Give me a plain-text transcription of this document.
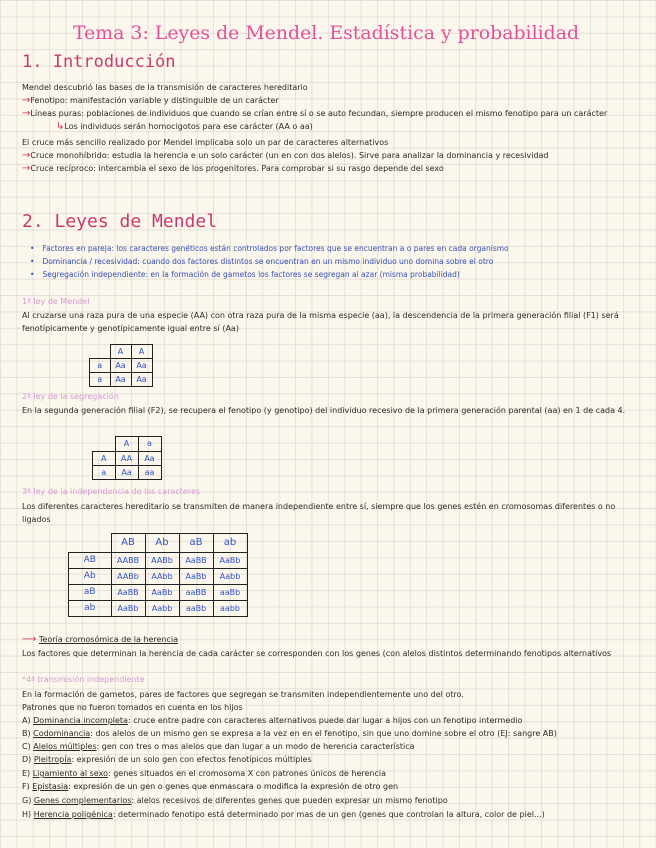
Tema 3: Leyes de Mendel. Estadística y probabilidad
1. Introducción
Mendel descubrió las bases de la transmisión de caracteres hereditario
→Fenotipo: manifestación variable y distinguible de un carácter
→Líneas puras: poblaciones de individuos que cuando se crían entre sí o se auto fecundan, siempre producen el mismo fenotipo para un carácter
↳Los individuos serán homocigotos para ese carácter (AA o aa)
El cruce más sencillo realizado por Mendel implicaba solo un par de caracteres alternativos
→Cruce monohíbrido: estudia la herencia e un solo carácter (un en con dos alelos). Sirve para analizar la dominancia y recesividad
→Cruce recíproco: intercambia el sexo de los progenitores. Para comprobar si su rasgo depende del sexo
2. Leyes de Mendel
• Factores en pareja: los caracteres genéticos están controlados por factores que se encuentran a o pares en cada organismo
• Dominancia / recesividad: cuando dos factores distintos se encuentran en un mismo individuo uno domina sobre el otro
• Segregación independiente: en la formación de gametos los factores se segregan al azar (misma probabilidad)
1ª ley de Mendel
Al cruzarse una raza pura de una especie (AA) con otra raza pura de la misma especie (aa), la descendencia de la primera generación filial (F1) será fenotípicamente y genotípicamente igual entre sí (Aa)
	A	A
a	Aa	Aa
a	Aa	Aa
2ª ley de la segregación
En la segunda generación filial (F2), se recupera el fenotipo (y genotipo) del individuo recesivo de la primera generación parental (aa) en 1 de cada 4.
	A	a
A	AA	Aa
a	Aa	aa
3ª ley de la independencia de los caracteres
Los diferentes caracteres hereditario se transmiten de manera independiente entre sí, siempre que los genes estén en cromosomas diferentes o no ligados
	AB	Ab	aB	ab
AB	AABB	AABb	AaBB	AaBb
Ab	AABb	AAbb	AaBb	Aabb
aB	AaBB	AaBb	aaBB	aaBb
ab	AaBb	Aabb	aaBb	aabb
⟶ Teoría cromosómica de la herencia
Los factores que determinan la herencia de cada carácter se corresponden con los genes (con alelos distintos determinando fenotipos alternativos
*4ª transmisión independiente
En la formación de gametos, pares de factores que segregan se transmiten independientemente uno del otro.
Patrones que no fueron tomados en cuenta en los hijos
A) Dominancia incompleta: cruce entre padre con caracteres alternativos puede dar lugar a hijos con un fenotipo intermedio
B) Codominancia: dos alelos de un mismo gen se expresa a la vez en en el fenotipo, sin que uno domine sobre el otro (EJ: sangre AB)
C) Alelos múltiples: gen con tres o mas alelos que dan lugar a un modo de herencia característica
D) Pleitropía: expresión de un solo gen con efectos fenotípicos múltiples
E) Ligamiento al sexo: genes situados en el cromosoma X con patrones únicos de herencia
F) Epistasia: expresión de un gen o genes que enmascara o modifica la expresión de otro gen
G) Genes complementarios: alelos recesivos de diferentes genes que pueden expresar un mismo fenotipo
H) Herencia poligénica: determinado fenotipo está determinado por mas de un gen (genes que controlan la altura, color de piel...)
